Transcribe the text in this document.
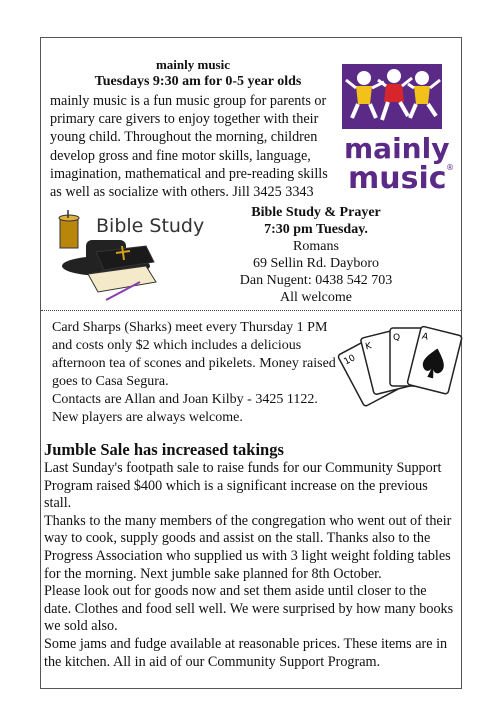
mainly music
Tuesdays 9:30 am for 0-5 year olds
mainly music is a fun music group for parents or
primary care givers to enjoy together with their
young child. Throughout the morning, children
develop gross and fine motor skills, language,
imagination, mathematical and pre-reading skills
as well as socialize with others. Jill 3425 3343
mainly
music ®
Bible Study
Bible Study & Prayer
7:30 pm Tuesday.
Romans
69 Sellin Rd. Dayboro
Dan Nugent: 0438 542 703
All welcome
Card Sharps (Sharks) meet every Thursday 1 PM
and costs only $2 which includes a delicious
afternoon tea of scones and pikelets. Money raised
goes to Casa Segura.
Contacts are Allan and Joan Kilby - 3425 1122.
New players are always welcome.
10
K
Q A
Jumble Sale has increased takings
Last Sunday's footpath sale to raise funds for our Community Support
Program raised $400 which is a significant increase on the previous
stall.
Thanks to the many members of the congregation who went out of their
way to cook, supply goods and assist on the stall. Thanks also to the
Progress Association who supplied us with 3 light weight folding tables
for the morning. Next jumble sake planned for 8th October.
Please look out for goods now and set them aside until closer to the
date. Clothes and food sell well. We were surprised by how many books
we sold also.
Some jams and fudge available at reasonable prices. These items are in
the kitchen. All in aid of our Community Support Program.
